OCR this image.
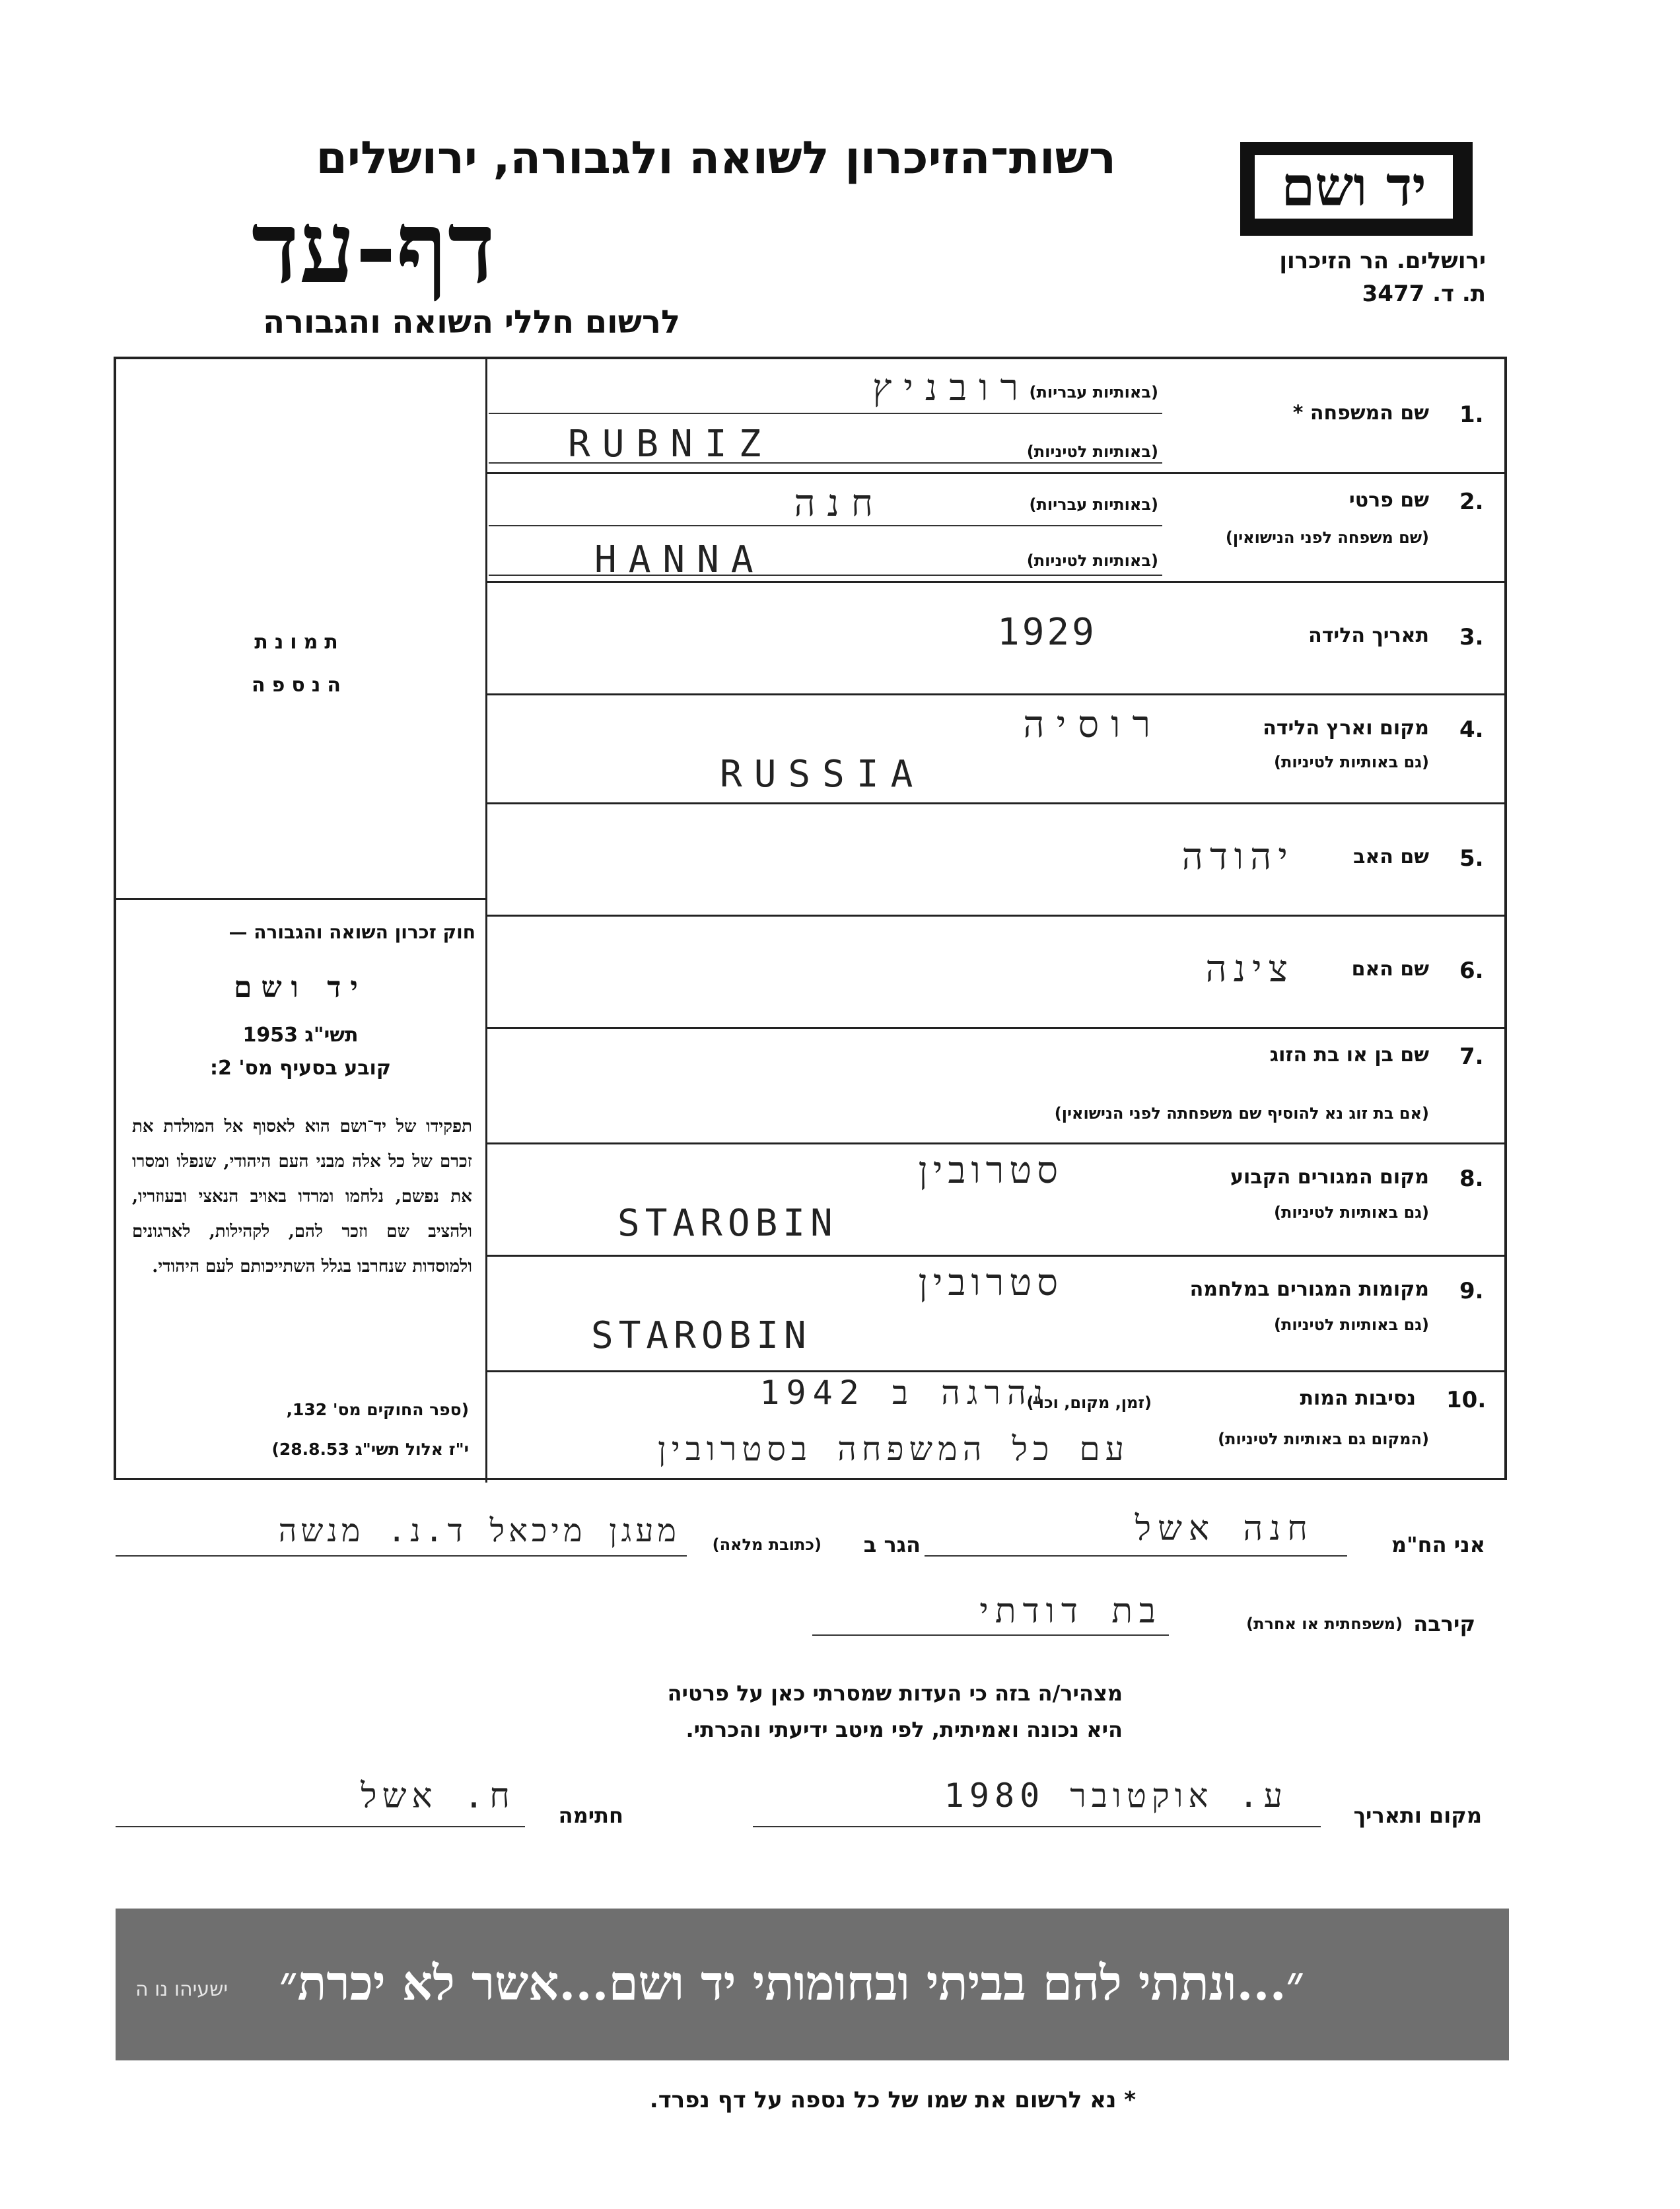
יד ושם
ירושלים. הר הזיכרון
ת. ד. 3477
רשות־הזיכרון לשואה ולגבורה, ירושלים
דף-עד
לרשום חללי השואה והגבורה
תמונת
הנספה
חוק זכרון השואה והגבורה —
יד ושם
תשי"ג 1953
קובע בסעיף מס' 2:
תפקידו של יד־ושם הוא לאסוף אל המולדת את זכרם של כל אלה מבני העם היהודי, שנפלו ומסרו את נפשם, נלחמו ומרדו באויב הנאצי ובעוזריו, ולהציב שם וזכר להם, לקהילות, לארגונים ולמוסדות שנחרבו בגלל השתייכותם לעם היהודי.
(ספר החוקים מס' 132,
י"ז אלול תשי"ג 28.8.53)
1.
שם המשפחה *
(באותיות עבריות)
(באותיות לטיניות)
רובניץ
RUBNIZ
2.
שם פרטי
(שם משפחה לפני הנישואין)
(באותיות עבריות)
(באותיות לטיניות)
חנה
HANNA
3.
תאריך הלידה
1929
4.
מקום וארץ הלידה
(גם באותיות לטיניות)
רוסיה
RUSSIA
5.
שם האב
יהודה
6.
שם האם
צינה
7.
שם בן או בת הזוג
(אם בת זוג נא להוסיף שם משפחתה לפני הנישואין)
8.
מקום המגורים הקבוע
(גם באותיות לטיניות)
סטרובין
STAROBIN
9.
מקומות המגורים במלחמה
(גם באותיות לטיניות)
סטרובין
STAROBIN
10.
נסיבות המות
(זמן, מקום, וכו')
(המקום גם באותיות לטיניות)
נהרגה ב 1942
עם כל המשפחה בסטרובין
אני הח"מ
חנה אשל
הגר ב
(כתובת מלאה)
מעגן מיכאל ד.נ. מנשה
קירבה
(משפחתית או אחרת)
בת דודתי
מצהיר/ה בזה כי העדות שמסרתי כאן על פרטיה
היא נכונה ואמיתית, לפי מיטב ידיעתי והכרתי.
מקום ותאריך
ע. אוקטובר 1980
חתימה
ח. אשל
״...ונתתי להם בביתי ובחומותי יד ושם...אשר לא יכרת״
ישעיהו נו ה
* נא לרשום את שמו של כל נספה על דף נפרד.
